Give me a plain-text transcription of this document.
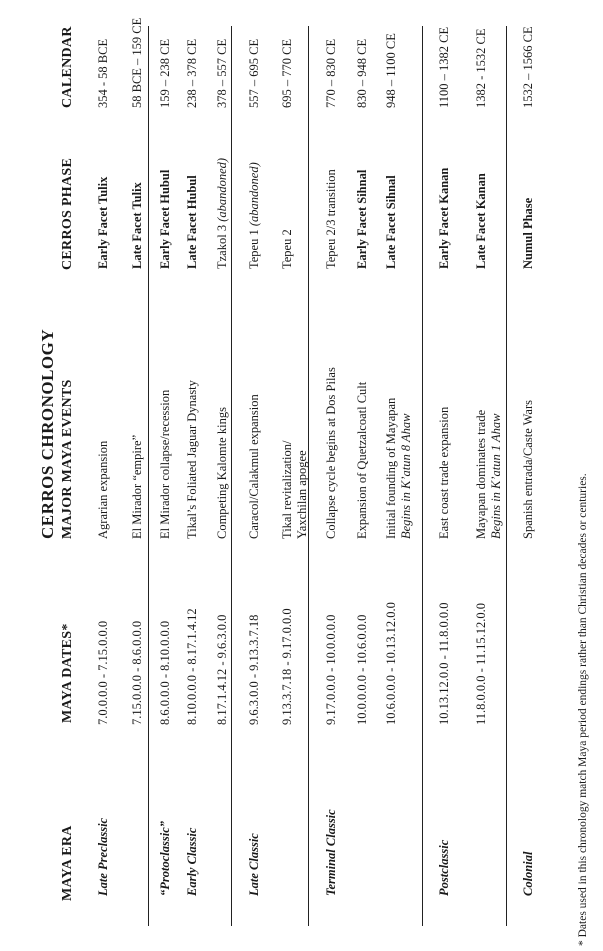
CERROS CHRONOLOGY
MAYA ERA
MAYA DATES*
MAJOR MAYA EVENTS
CERROS PHASE
CALENDAR
Late Preclassic
7.0.0.0.0 - 7.15.0.0.0
Agrarian expansion
Early Facet Tulix
354 - 58 BCE
7.15.0.0.0 - 8.6.0.0.0
El Mirador “empire”
Late Facet Tulix
58 BCE – 159 CE
“Protoclassic”
8.6.0.0.0 - 8.10.0.0.0
El Mirador collapse/recession
Early Facet Hubul
159 – 238 CE
Early Classic
8.10.0.0.0 - 8.17.1.4.12
Tikal’s Foliated Jaguar Dynasty
Late Facet Hubul
238 – 378 CE
8.17.1.4.12 - 9.6.3.0.0
Competing Kalomte kings
Tzakol 3 (abandoned)
378 – 557 CE
Late Classic
9.6.3.0.0 - 9.13.3.7.18
Caracol/Calakmul expansion
Tepeu 1 (abandoned)
557 – 695 CE
9.13.3.7.18 - 9.17.0.0.0
Tikal revitalization/ Yaxchilan apogee
Tepeu 2
695 – 770 CE
Terminal Classic
9.17.0.0.0 - 10.0.0.0.0
Collapse cycle begins at Dos Pilas
Tepeu 2/3 transition
770 – 830 CE
10.0.0.0.0 - 10.6.0.0.0
Expansion of Quetzalcoatl Cult
Early Facet Sihnal
830 – 948 CE
10.6.0.0.0 - 10.13.12.0.0
Initial founding of Mayapan Begins in K’atun 8 Ahaw
Late Facet Sihnal
948 – 1100 CE
Postclassic
10.13.12.0.0 - 11.8.0.0.0
East coast trade expansion
Early Facet Kanan
1100 – 1382 CE
11.8.0.0.0 - 11.15.12.0.0
Mayapan dominates trade Begins in K’atun 1 Ahaw
Late Facet Kanan
1382 - 1532 CE
Colonial
Spanish entrada/Caste Wars
Numul Phase
1532 – 1566 CE
* Dates used in this chronology match Maya period endings rather than Christian decades or centuries.
